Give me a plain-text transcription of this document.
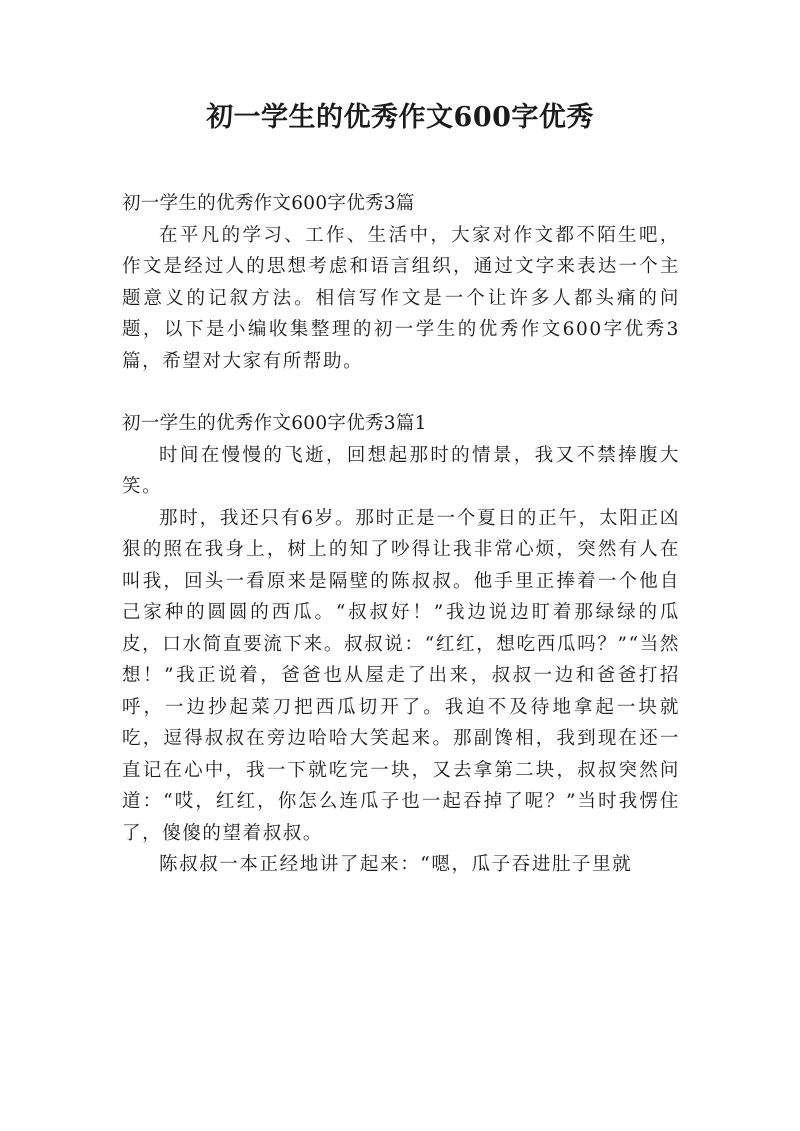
初一学生的优秀作文600字优秀

初一学生的优秀作文600字优秀3篇

在平凡的学习、工作、生活中，大家对作文都不陌生吧，作文是经过人的思想考虑和语言组织，通过文字来表达一个主题意义的记叙方法。相信写作文是一个让许多人都头痛的问题，以下是小编收集整理的初一学生的优秀作文600字优秀3篇，希望对大家有所帮助。

初一学生的优秀作文600字优秀3篇1

时间在慢慢的飞逝，回想起那时的情景，我又不禁捧腹大笑。

那时，我还只有6岁。那时正是一个夏日的正午，太阳正凶狠的照在我身上，树上的知了吵得让我非常心烦，突然有人在叫我，回头一看原来是隔壁的陈叔叔。他手里正捧着一个他自己家种的圆圆的西瓜。“叔叔好！”我边说边盯着那绿绿的瓜皮，口水简直要流下来。叔叔说：“红红，想吃西瓜吗？”“当然想！”我正说着，爸爸也从屋走了出来，叔叔一边和爸爸打招呼，一边抄起菜刀把西瓜切开了。我迫不及待地拿起一块就吃，逗得叔叔在旁边哈哈大笑起来。那副馋相，我到现在还一直记在心中，我一下就吃完一块，又去拿第二块，叔叔突然问道：“哎，红红，你怎么连瓜子也一起吞掉了呢？”当时我愣住了，傻傻的望着叔叔。

陈叔叔一本正经地讲了起来：“嗯，瓜子吞进肚子里就
